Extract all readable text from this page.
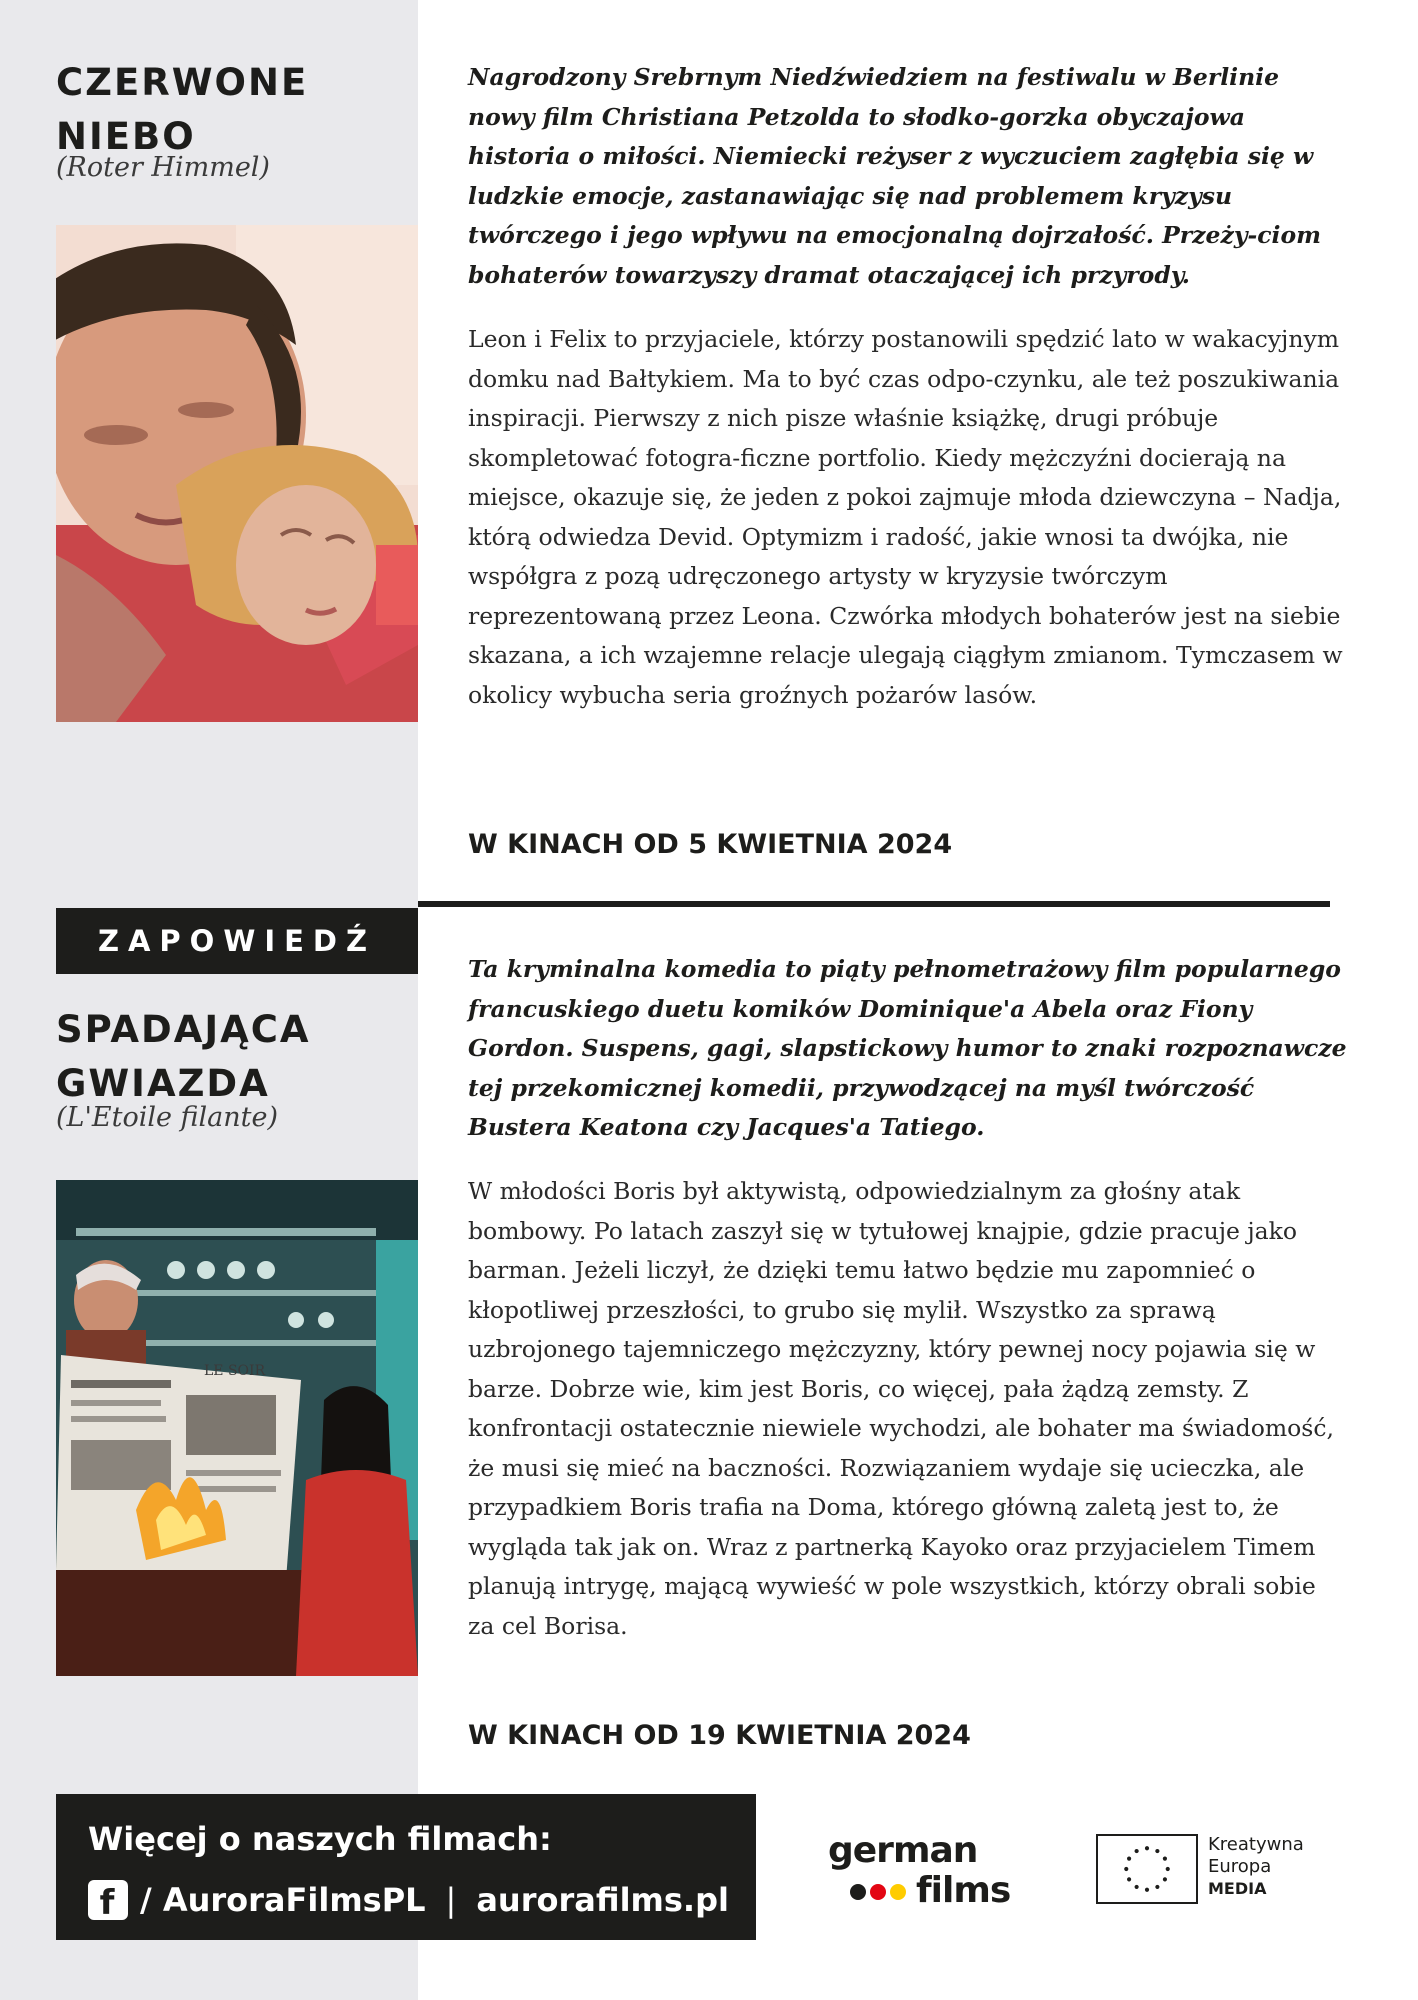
CZERWONE
NIEBO
(Roter Himmel)
Nagrodzony Srebrnym Niedźwiedziem na festiwalu w Berlinie nowy film Christiana Petzolda to słodko-gorzka obyczajowa historia o miłości. Niemiecki reżyser z wyczuciem zagłębia się w ludzkie emocje, zastanawiając się nad problemem kryzysu twórczego i jego wpływu na emocjonalną dojrzałość. Przeży-ciom bohaterów towarzyszy dramat otaczającej ich przyrody.
Leon i Felix to przyjaciele, którzy postanowili spędzić lato w wakacyjnym domku nad Bałtykiem. Ma to być czas odpo-czynku, ale też poszukiwania inspiracji. Pierwszy z nich pisze właśnie książkę, drugi próbuje skompletować fotogra-ficzne portfolio. Kiedy mężczyźni docierają na miejsce, okazuje się, że jeden z pokoi zajmuje młoda dziewczyna – Nadja, którą odwiedza Devid. Optymizm i radość, jakie wnosi ta dwójka, nie współgra z pozą udręczonego artysty w kryzysie twórczym reprezentowaną przez Leona. Czwórka młodych bohaterów jest na siebie skazana, a ich wzajemne relacje ulegają ciągłym zmianom. Tymczasem w okolicy wybucha seria groźnych pożarów lasów.
W KINACH OD 5 KWIETNIA 2024
ZAPOWIEDŹ
SPADAJĄCA
GWIAZDA
(L'Etoile filante)
LE SOIR
Ta kryminalna komedia to piąty pełnometrażowy film popularnego francuskiego duetu komików Dominique'a Abela oraz Fiony Gordon. Suspens, gagi, slapstickowy humor to znaki rozpoznawcze tej przekomicznej komedii, przywodzącej na myśl twórczość Bustera Keatona czy Jacques'a Tatiego.
W młodości Boris był aktywistą, odpowiedzialnym za głośny atak bombowy. Po latach zaszył się w tytułowej knajpie, gdzie pracuje jako barman. Jeżeli liczył, że dzięki temu łatwo będzie mu zapomnieć o kłopotliwej przeszłości, to grubo się mylił. Wszystko za sprawą uzbrojonego tajemniczego mężczyzny, który pewnej nocy pojawia się w barze. Dobrze wie, kim jest Boris, co więcej, pała żądzą zemsty. Z konfrontacji ostatecznie niewiele wychodzi, ale bohater ma świadomość, że musi się mieć na baczności. Rozwiązaniem wydaje się ucieczka, ale przypadkiem Boris trafia na Doma, którego główną zaletą jest to, że wygląda tak jak on. Wraz z partnerką Kayoko oraz przyjacielem Timem planują intrygę, mającą wywieść w pole wszystkich, którzy obrali sobie za cel Borisa.
W KINACH OD 19 KWIETNIA 2024
Więcej o naszych filmach:
f / AuroraFilmsPL | aurorafilms.pl
german
films
Kreatywna
Europa
MEDIA
